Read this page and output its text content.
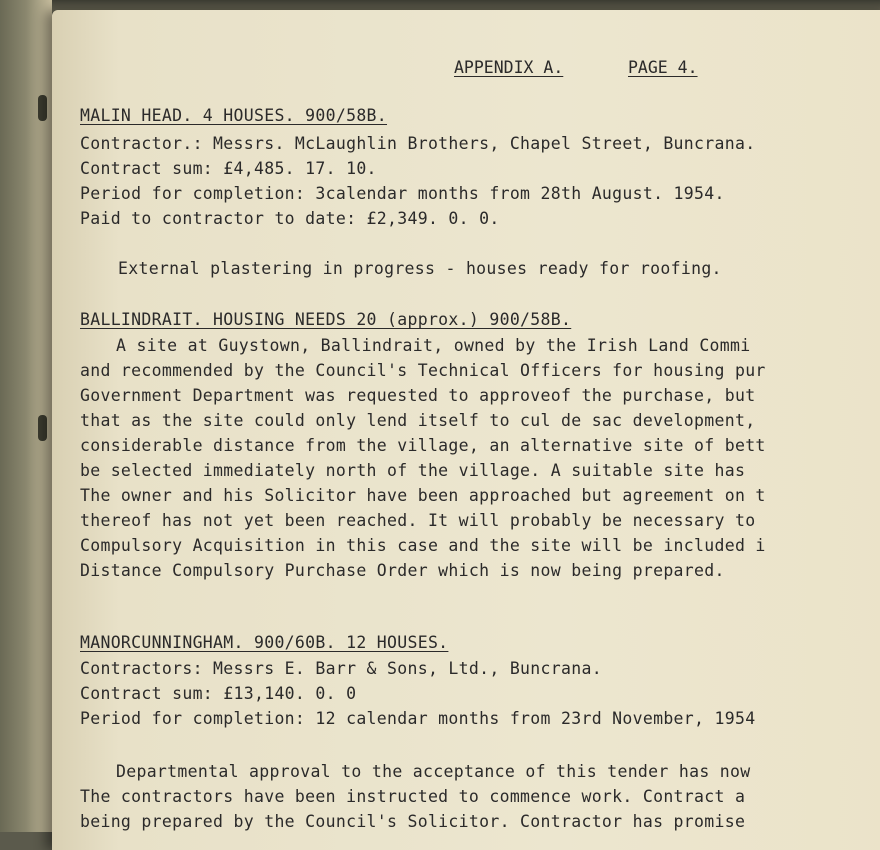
APPENDIX A.	PAGE 4.
MALIN HEAD. 4 HOUSES. 900/58B.
Contractor.: Messrs. McLaughlin Brothers, Chapel Street, Buncrana.
Contract sum: £4,485. 17. 10.
Period for completion: 3calendar months from 28th August. 1954.
Paid to contractor to date: £2,349. 0. 0.
External plastering in progress - houses ready for roofing.
BALLINDRAIT. HOUSING NEEDS 20 (approx.) 900/58B.
A site at Guystown, Ballindrait, owned by the Irish Land Commi
and recommended by the Council's Technical Officers for housing pur
Government Department was requested to approveof the purchase, but
that as the site could only lend itself to cul de sac development,
considerable distance from the village, an alternative site of bett
be selected immediately north of the village. A suitable site has
The owner and his Solicitor have been approached but agreement on t
thereof has not yet been reached. It will probably be necessary to
Compulsory Acquisition in this case and the site will be included i
Distance Compulsory Purchase Order which is now being prepared.
MANORCUNNINGHAM. 900/60B. 12 HOUSES.
Contractors: Messrs E. Barr & Sons, Ltd., Buncrana.
Contract sum: £13,140. 0. 0
Period for completion: 12 calendar months from 23rd November, 1954
Departmental approval to the acceptance of this tender has now
The contractors have been instructed to commence work. Contract a
being prepared by the Council's Solicitor. Contractor has promise
